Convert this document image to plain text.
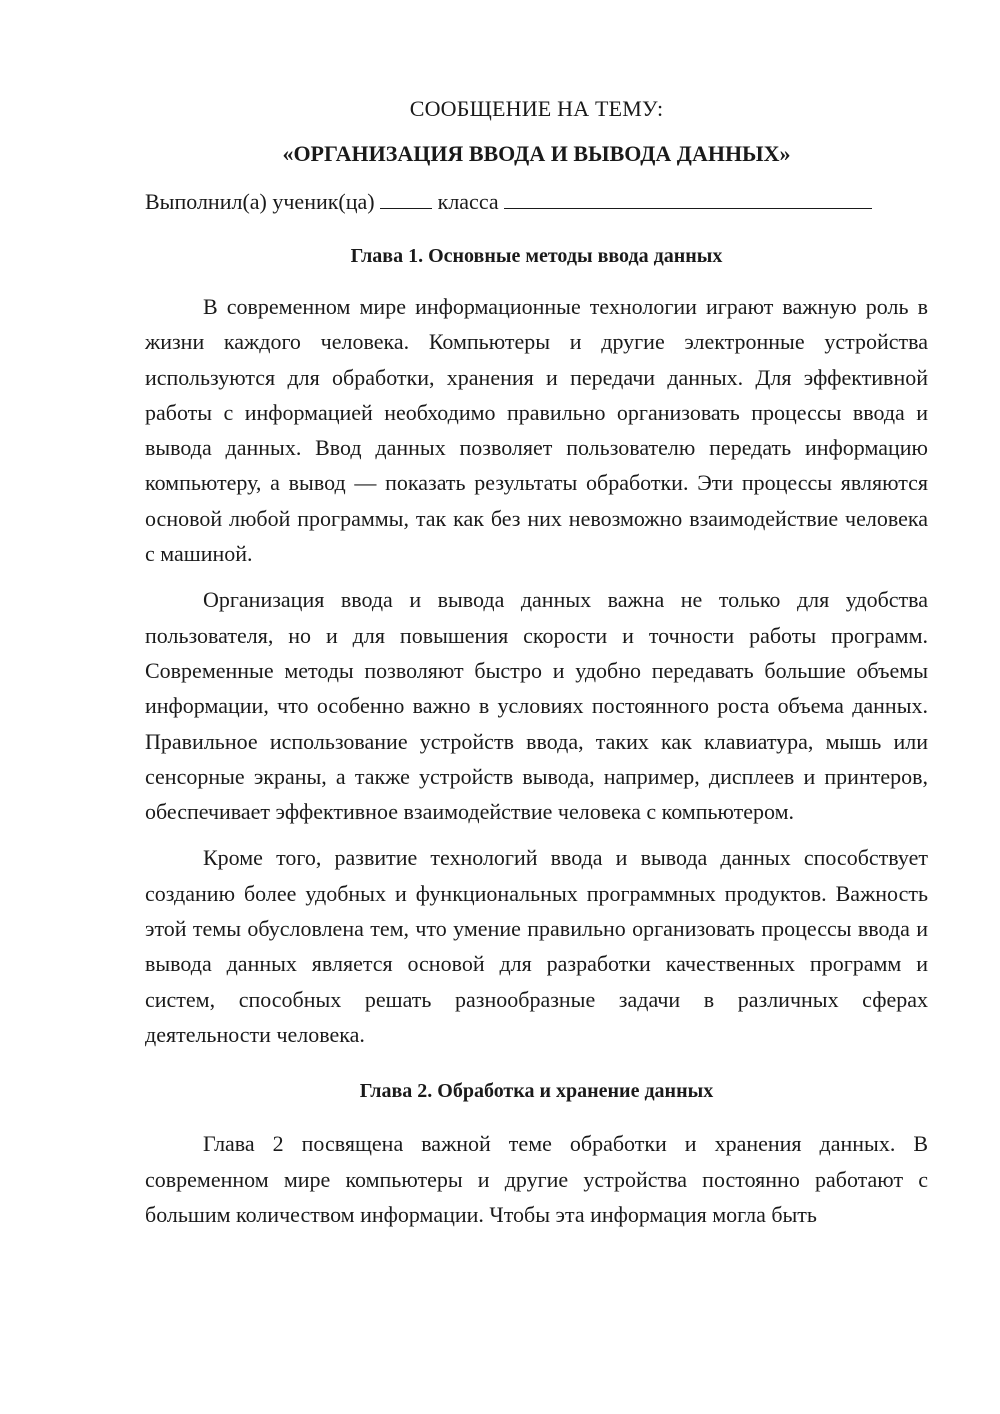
СООБЩЕНИЕ НА ТЕМУ:
«ОРГАНИЗАЦИЯ ВВОДА И ВЫВОДА ДАННЫХ»

Выполнил(а) ученик(ца)	класса

Глава 1. Основные методы ввода данных

В современном мире информационные технологии играют важную роль в жизни каждого человека. Компьютеры и другие электронные устройства используются для обработки, хранения и передачи данных. Для эффективной работы с информацией необходимо правильно организовать процессы ввода и вывода данных. Ввод данных позволяет пользователю передать информацию компьютеру, а вывод — показать результаты обработки. Эти процессы являются основой любой программы, так как без них невозможно взаимодействие человека с машиной.

Организация ввода и вывода данных важна не только для удобства пользователя, но и для повышения скорости и точности работы программ. Современные методы позволяют быстро и удобно передавать большие объемы информации, что особенно важно в условиях постоянного роста объема данных. Правильное использование устройств ввода, таких как клавиатура, мышь или сенсорные экраны, а также устройств вывода, например, дисплеев и принтеров, обеспечивает эффективное взаимодействие человека с компьютером.

Кроме того, развитие технологий ввода и вывода данных способствует созданию более удобных и функциональных программных продуктов. Важность этой темы обусловлена тем, что умение правильно организовать процессы ввода и вывода данных является основой для разработки качественных программ и систем, способных решать разнообразные задачи в различных сферах деятельности человека.

Глава 2. Обработка и хранение данных

Глава 2 посвящена важной теме обработки и хранения данных. В современном мире компьютеры и другие устройства постоянно работают с большим количеством информации. Чтобы эта информация могла быть
